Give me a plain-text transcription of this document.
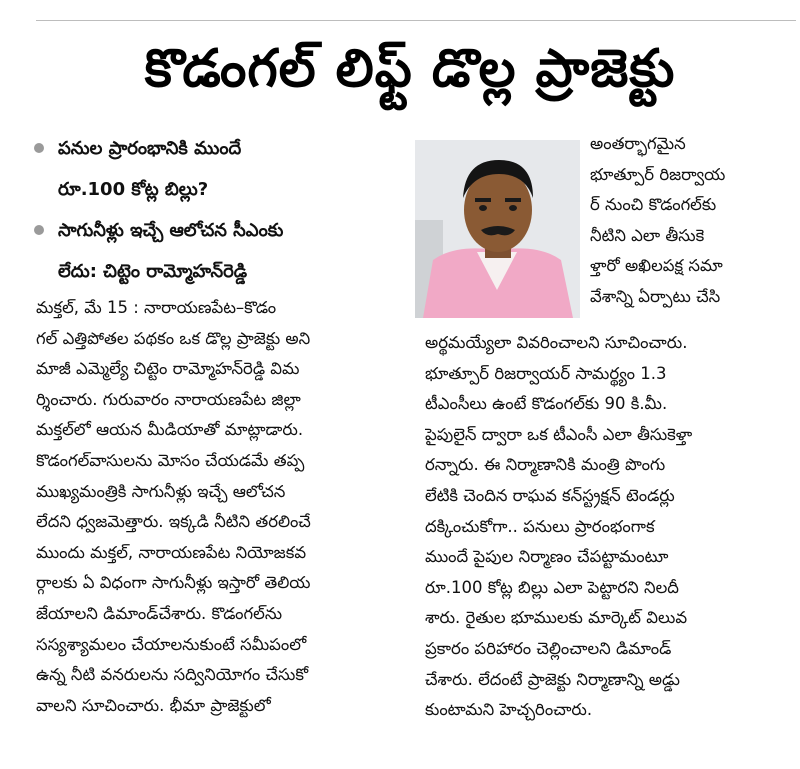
కొడంగల్ లిఫ్ట్ డొల్ల ప్రాజెక్టు
పనుల ప్రారంభానికి ముందే
రూ.100 కోట్ల బిల్లు?
సాగునీళ్లు ఇచ్చే ఆలోచన సీఎంకు
లేదు: చిట్టెం రామ్మోహన్‌రెడ్డి
మక్తల్, మే 15 : నారాయణపేట–కొడం
గల్ ఎత్తిపోతల పథకం ఒక డొల్ల ప్రాజెక్టు అని
మాజీ ఎమ్మెల్యే చిట్టెం రామ్మోహన్‌రెడ్డి విమ
ర్శించారు. గురువారం నారాయణపేట జిల్లా
మక్తల్‌లో ఆయన మీడియాతో మాట్లాడారు.
కొడంగల్‌వాసులను మోసం చేయడమే తప్ప
ముఖ్యమంత్రికి సాగునీళ్లు ఇచ్చే ఆలోచన
లేదని ధ్వజమెత్తారు. ఇక్కడి నీటిని తరలించే
ముందు మక్తల్, నారాయణపేట నియోజకవ
ర్గాలకు ఏ విధంగా సాగునీళ్లు ఇస్తారో తెలియ
జేయాలని డిమాండ్‌చేశారు. కొడంగల్‌ను
సస్యశ్యామలం చేయాలనుకుంటే సమీపంలో
ఉన్న నీటి వనరులను సద్వినియోగం చేసుకో
వాలని సూచించారు. భీమా ప్రాజెక్టులో
అంతర్భాగమైన
భూత్పూర్ రిజర్వాయ
ర్ నుంచి కొడంగల్‌కు
నీటిని ఎలా తీసుకె
ళ్తారో అఖిలపక్ష సమా
వేశాన్ని ఏర్పాటు చేసి
అర్థమయ్యేలా వివరించాలని సూచించారు.
భూత్పూర్ రిజర్వాయర్ సామర్థ్యం 1.3
టీఎంసీలు ఉంటే కొడంగల్‌కు 90 కి.మీ.
పైపులైన్ ద్వారా ఒక టీఎంసీ ఎలా తీసుకెళ్తా
రన్నారు. ఈ నిర్మాణానికి మంత్రి పొంగు
లేటికి చెందిన రాఘవ కన్‌స్ట్రక్షన్ టెండర్లు
దక్కించుకోగా.. పనులు ప్రారంభంగాక
ముందే పైపుల నిర్మాణం చేపట్టామంటూ
రూ.100 కోట్ల బిల్లు ఎలా పెట్టారని నిలదీ
శారు. రైతుల భూములకు మార్కెట్ విలువ
ప్రకారం పరిహారం చెల్లించాలని డిమాండ్
చేశారు. లేదంటే ప్రాజెక్టు నిర్మాణాన్ని అడ్డు
కుంటామని హెచ్చరించారు.
